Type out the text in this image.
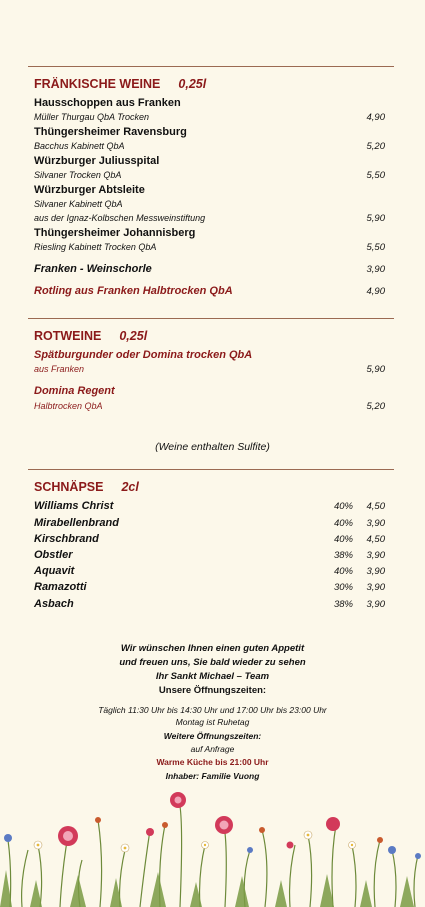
FRÄNKISCHE WEINE 0,25l
Hausschoppen aus Franken
Müller Thurgau QbA Trocken	4,90
Thüngersheimer Ravensburg
Bacchus Kabinett QbA	5,20
Würzburger Juliusspital
Silvaner Trocken QbA	5,50
Würzburger Abtsleite
Silvaner Kabinett QbA
aus der Ignaz-Kolbschen Messweinstiftung	5,90
Thüngersheimer Johannisberg
Riesling Kabinett Trocken QbA	5,50
Franken - Weinschorle	3,90
Rotling aus Franken Halbtrocken QbA	4,90
ROTWEINE 0,25l
Spätburgunder oder Domina trocken QbA
aus Franken	5,90
Domina Regent
Halbtrocken QbA	5,20
(Weine enthalten Sulfite)
SCHNÄPSE 2cl
Williams Christ	40% 4,50
Mirabellenbrand	40% 3,90
Kirschbrand	40% 4,50
Obstler	38% 3,90
Aquavit	40% 3,90
Ramazotti	30% 3,90
Asbach	38% 3,90
Wir wünschen Ihnen einen guten Appetit
und freuen uns, Sie bald wieder zu sehen
Ihr Sankt Michael – Team
Unsere Öffnungszeiten:
Täglich 11:30 Uhr bis 14:30 Uhr und 17:00 Uhr bis 23:00 Uhr
Montag ist Ruhetag
Weitere Öffnungszeiten:
auf Anfrage
Warme Küche bis 21:00 Uhr
Inhaber: Familie Vuong
